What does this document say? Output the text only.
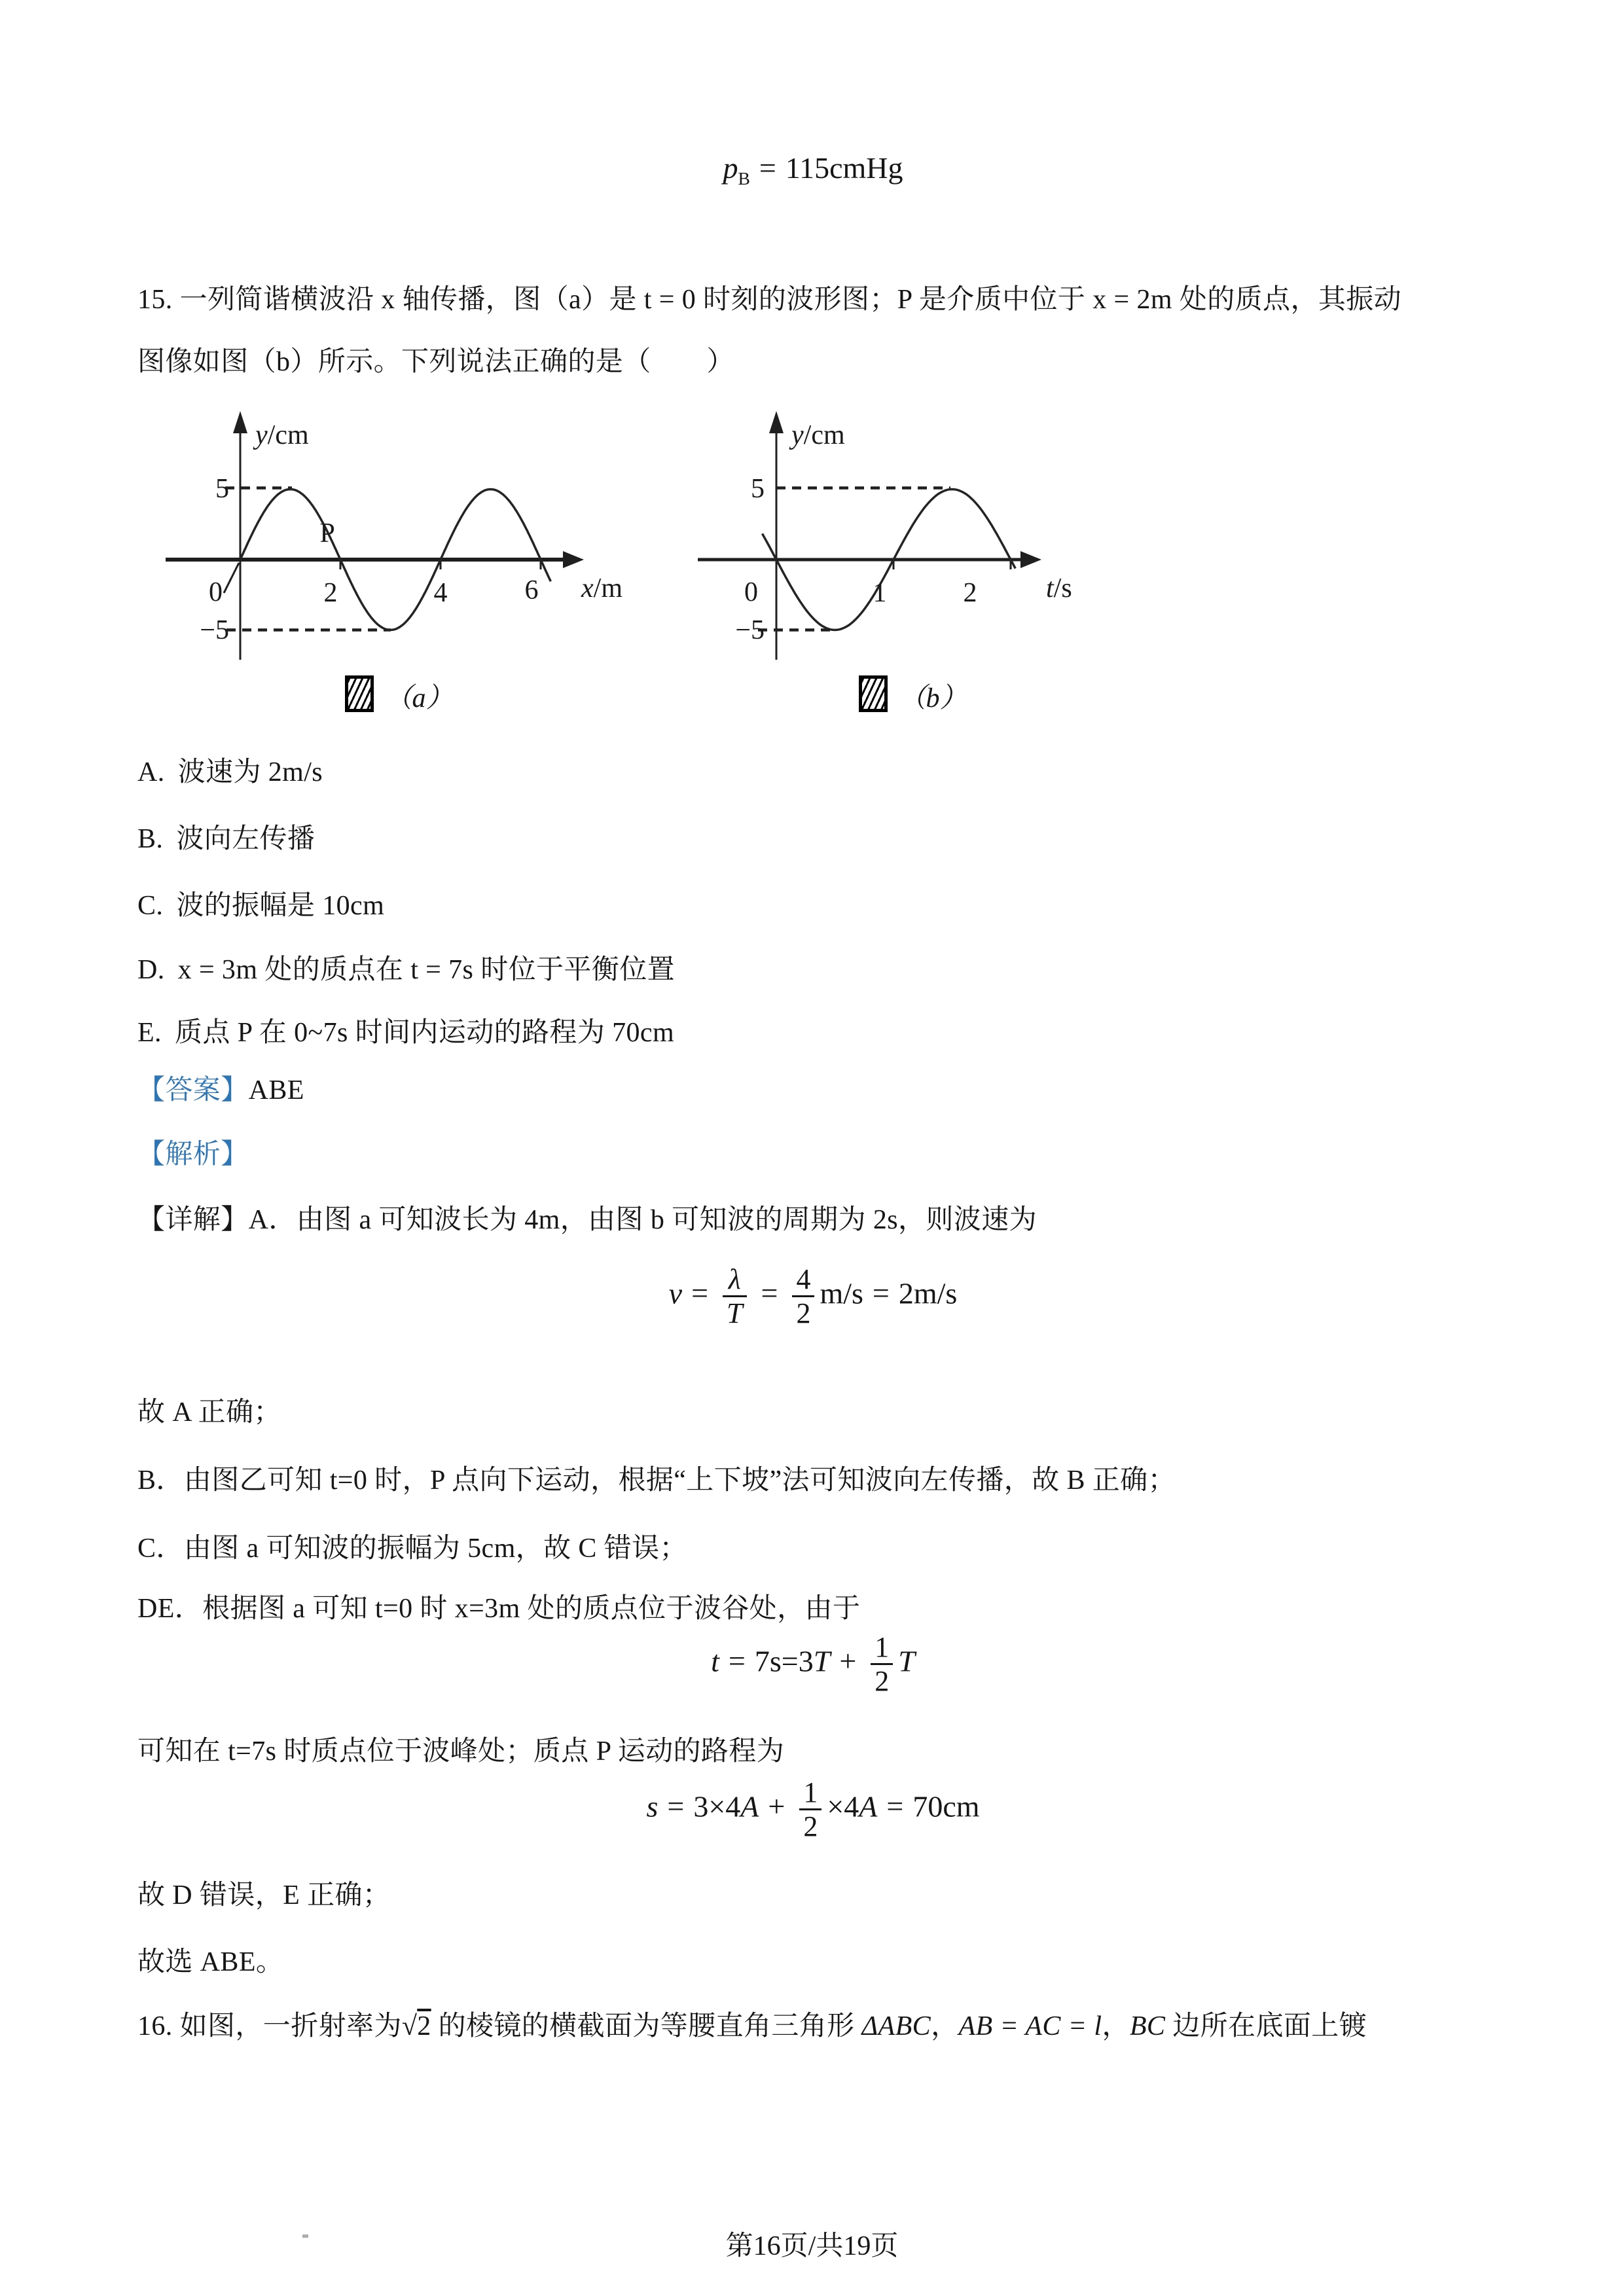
$p_B$ = 115cmHg
15. 一列简谐横波沿 x 轴传播，图（a）是 t = 0 时刻的波形图；P 是介质中位于 x = 2m 处的质点，其振动
图像如图（b）所示。下列说法正确的是（　　）
y/cm
x/m
5
−5
0	2	4	6
P
y/cm
t/s
5
−5
0	1	2
（a）	（b）
A. 波速为 2m/s
B. 波向左传播
C. 波的振幅是 10cm
D. x = 3m 处的质点在 t = 7s 时位于平衡位置
E. 质点 P 在 0~7s 时间内运动的路程为 70cm
【答案】ABE
【解析】
【详解】A．由图 a 可知波长为 4m，由图 b 可知波的周期为 2s，则波速为
$v = \frac{\lambda}{T} = \frac{4}{2} m/s = 2m/s$
故 A 正确；
B．由图乙可知 t=0 时，P 点向下运动，根据“上下坡”法可知波向左传播，故 B 正确；
C．由图 a 可知波的振幅为 5cm，故 C 错误；
DE．根据图 a 可知 t=0 时 x=3m 处的质点位于波谷处，由于
$t = 7s=3T + \frac{1}{2}$ T
可知在 t=7s 时质点位于波峰处；质点 P 运动的路程为
$s = 3\times 4A + \frac{1}{2} \times 4A = 70cm$
故 D 错误，E 正确；
故选 ABE。
16. 如图，一折射率为√2 的棱镜的横截面为等腰直角三角形 ΔABC，AB = AC = l，BC 边所在底面上镀
第16页/共19页
